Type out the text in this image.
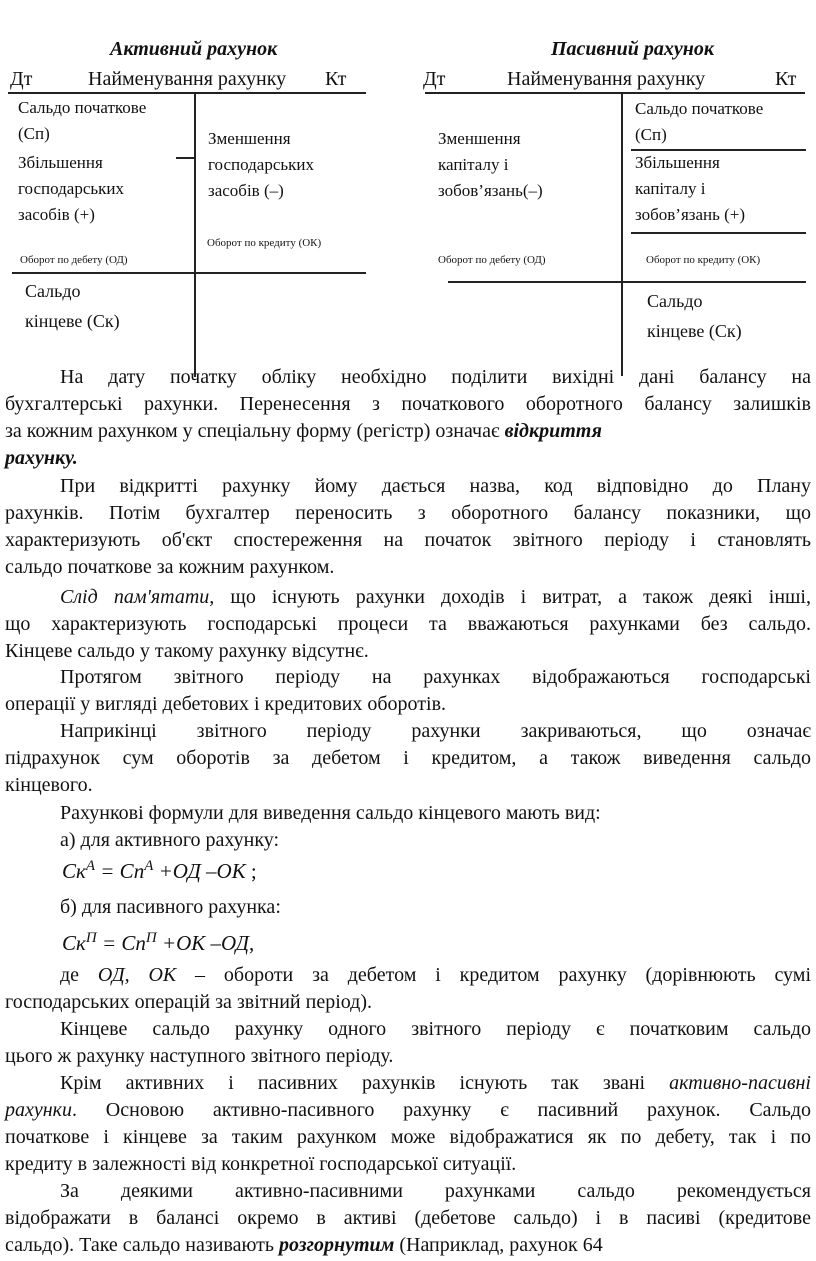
Активний рахунок
Дт	Найменування рахунку Кт
Сальдо початкове
(Сп)
Збільшення
господарських
засобів (+)
Зменшення
господарських
засобів (–)
Оборот по дебету (ОД)
Оборот по кредиту (ОК)
Сальдо
кінцеве (Ск)
Пасивний рахунок
Дт	Найменування рахунку	Кт
Сальдо початкове
(Сп)
Зменшення
капіталу і
зобов’язань(–)
Збільшення
капіталу і
зобов’язань (+)
Оборот по дебету (ОД)	Оборот по кредиту (ОК)
Сальдо
кінцеве (Ск)
На дату початку обліку необхідно поділити вихідні дані балансу на
бухгалтерські рахунки. Перенесення з початкового оборотного балансу залишків
за кожним рахунком у спеціальну форму (регістр) означає відкриття
рахунку.
При відкритті рахунку йому дається назва, код відповідно до Плану
рахунків. Потім бухгалтер переносить з оборотного балансу показники, що
характеризують об'єкт спостереження на початок звітного періоду і становлять
сальдо початкове за кожним рахунком.
Слід пам'ятати, що існують рахунки доходів і витрат, а також деякі інші,
що характеризують господарські процеси та вважаються рахунками без сальдо.
Кінцеве сальдо у такому рахунку відсутнє.
Протягом звітного періоду на рахунках відображаються господарські
операції у вигляді дебетових і кредитових оборотів.
Наприкінці звітного періоду рахунки закриваються, що означає
підрахунок сум оборотів за дебетом і кредитом, а також виведення сальдо
кінцевого.
Рахункові формули для виведення сальдо кінцевого мають вид:
а) для активного рахунку:
$Ск^А = Сп^А +ОД$ –ОК ;
б) для пасивного рахунка:
$Ск^П = Сп^П +ОК$ –ОД,
де ОД, ОК – обороти за дебетом і кредитом рахунку (дорівнюють сумі
господарських операцій за звітний період).
Кінцеве сальдо рахунку одного звітного періоду є початковим сальдо
цього ж рахунку наступного звітного періоду.
Крім активних і пасивних рахунків існують так звані активно-пасивні
рахунки. Основою активно-пасивного рахунку є пасивний рахунок. Сальдо
початкове і кінцеве за таким рахунком може відображатися як по дебету, так і по
кредиту в залежності від конкретної господарської ситуації.
За деякими активно-пасивними рахунками сальдо рекомендується
відображати в балансі окремо в активі (дебетове сальдо) і в пасиві (кредитове
сальдо). Таке сальдо називають розгорнутим (Наприклад, рахунок 64
